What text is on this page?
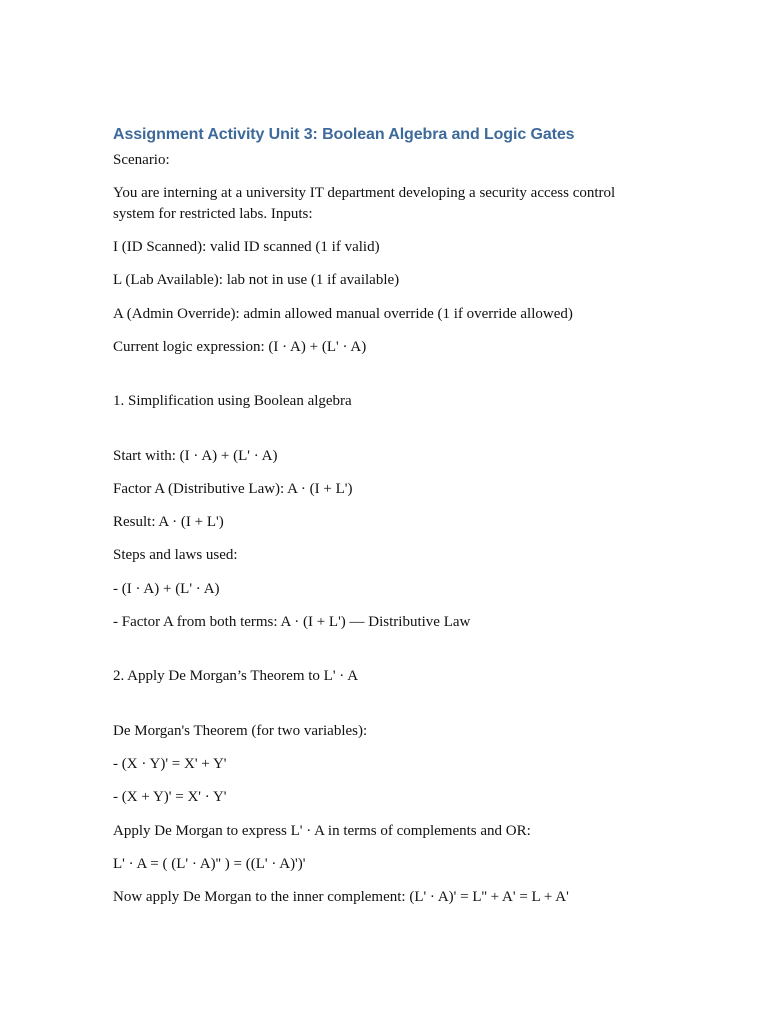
Assignment Activity Unit 3: Boolean Algebra and Logic Gates
Scenario:
You are interning at a university IT department developing a security access control system for restricted labs. Inputs:
I (ID Scanned): valid ID scanned (1 if valid)
L (Lab Available): lab not in use (1 if available)
A (Admin Override): admin allowed manual override (1 if override allowed)
Current logic expression: (I · A) + (L' · A)
1. Simplification using Boolean algebra
Start with: (I · A) + (L' · A)
Factor A (Distributive Law): A · (I + L')
Result: A · (I + L')
Steps and laws used:
- (I · A) + (L' · A)
- Factor A from both terms: A · (I + L') — Distributive Law
2. Apply De Morgan’s Theorem to L' · A
De Morgan's Theorem (for two variables):
- (X · Y)' = X' + Y'
- (X + Y)' = X' · Y'
Apply De Morgan to express L' · A in terms of complements and OR:
L' · A = ( (L' · A)'' ) = ((L' · A)')'
Now apply De Morgan to the inner complement: (L' · A)' = L'' + A' = L + A'
